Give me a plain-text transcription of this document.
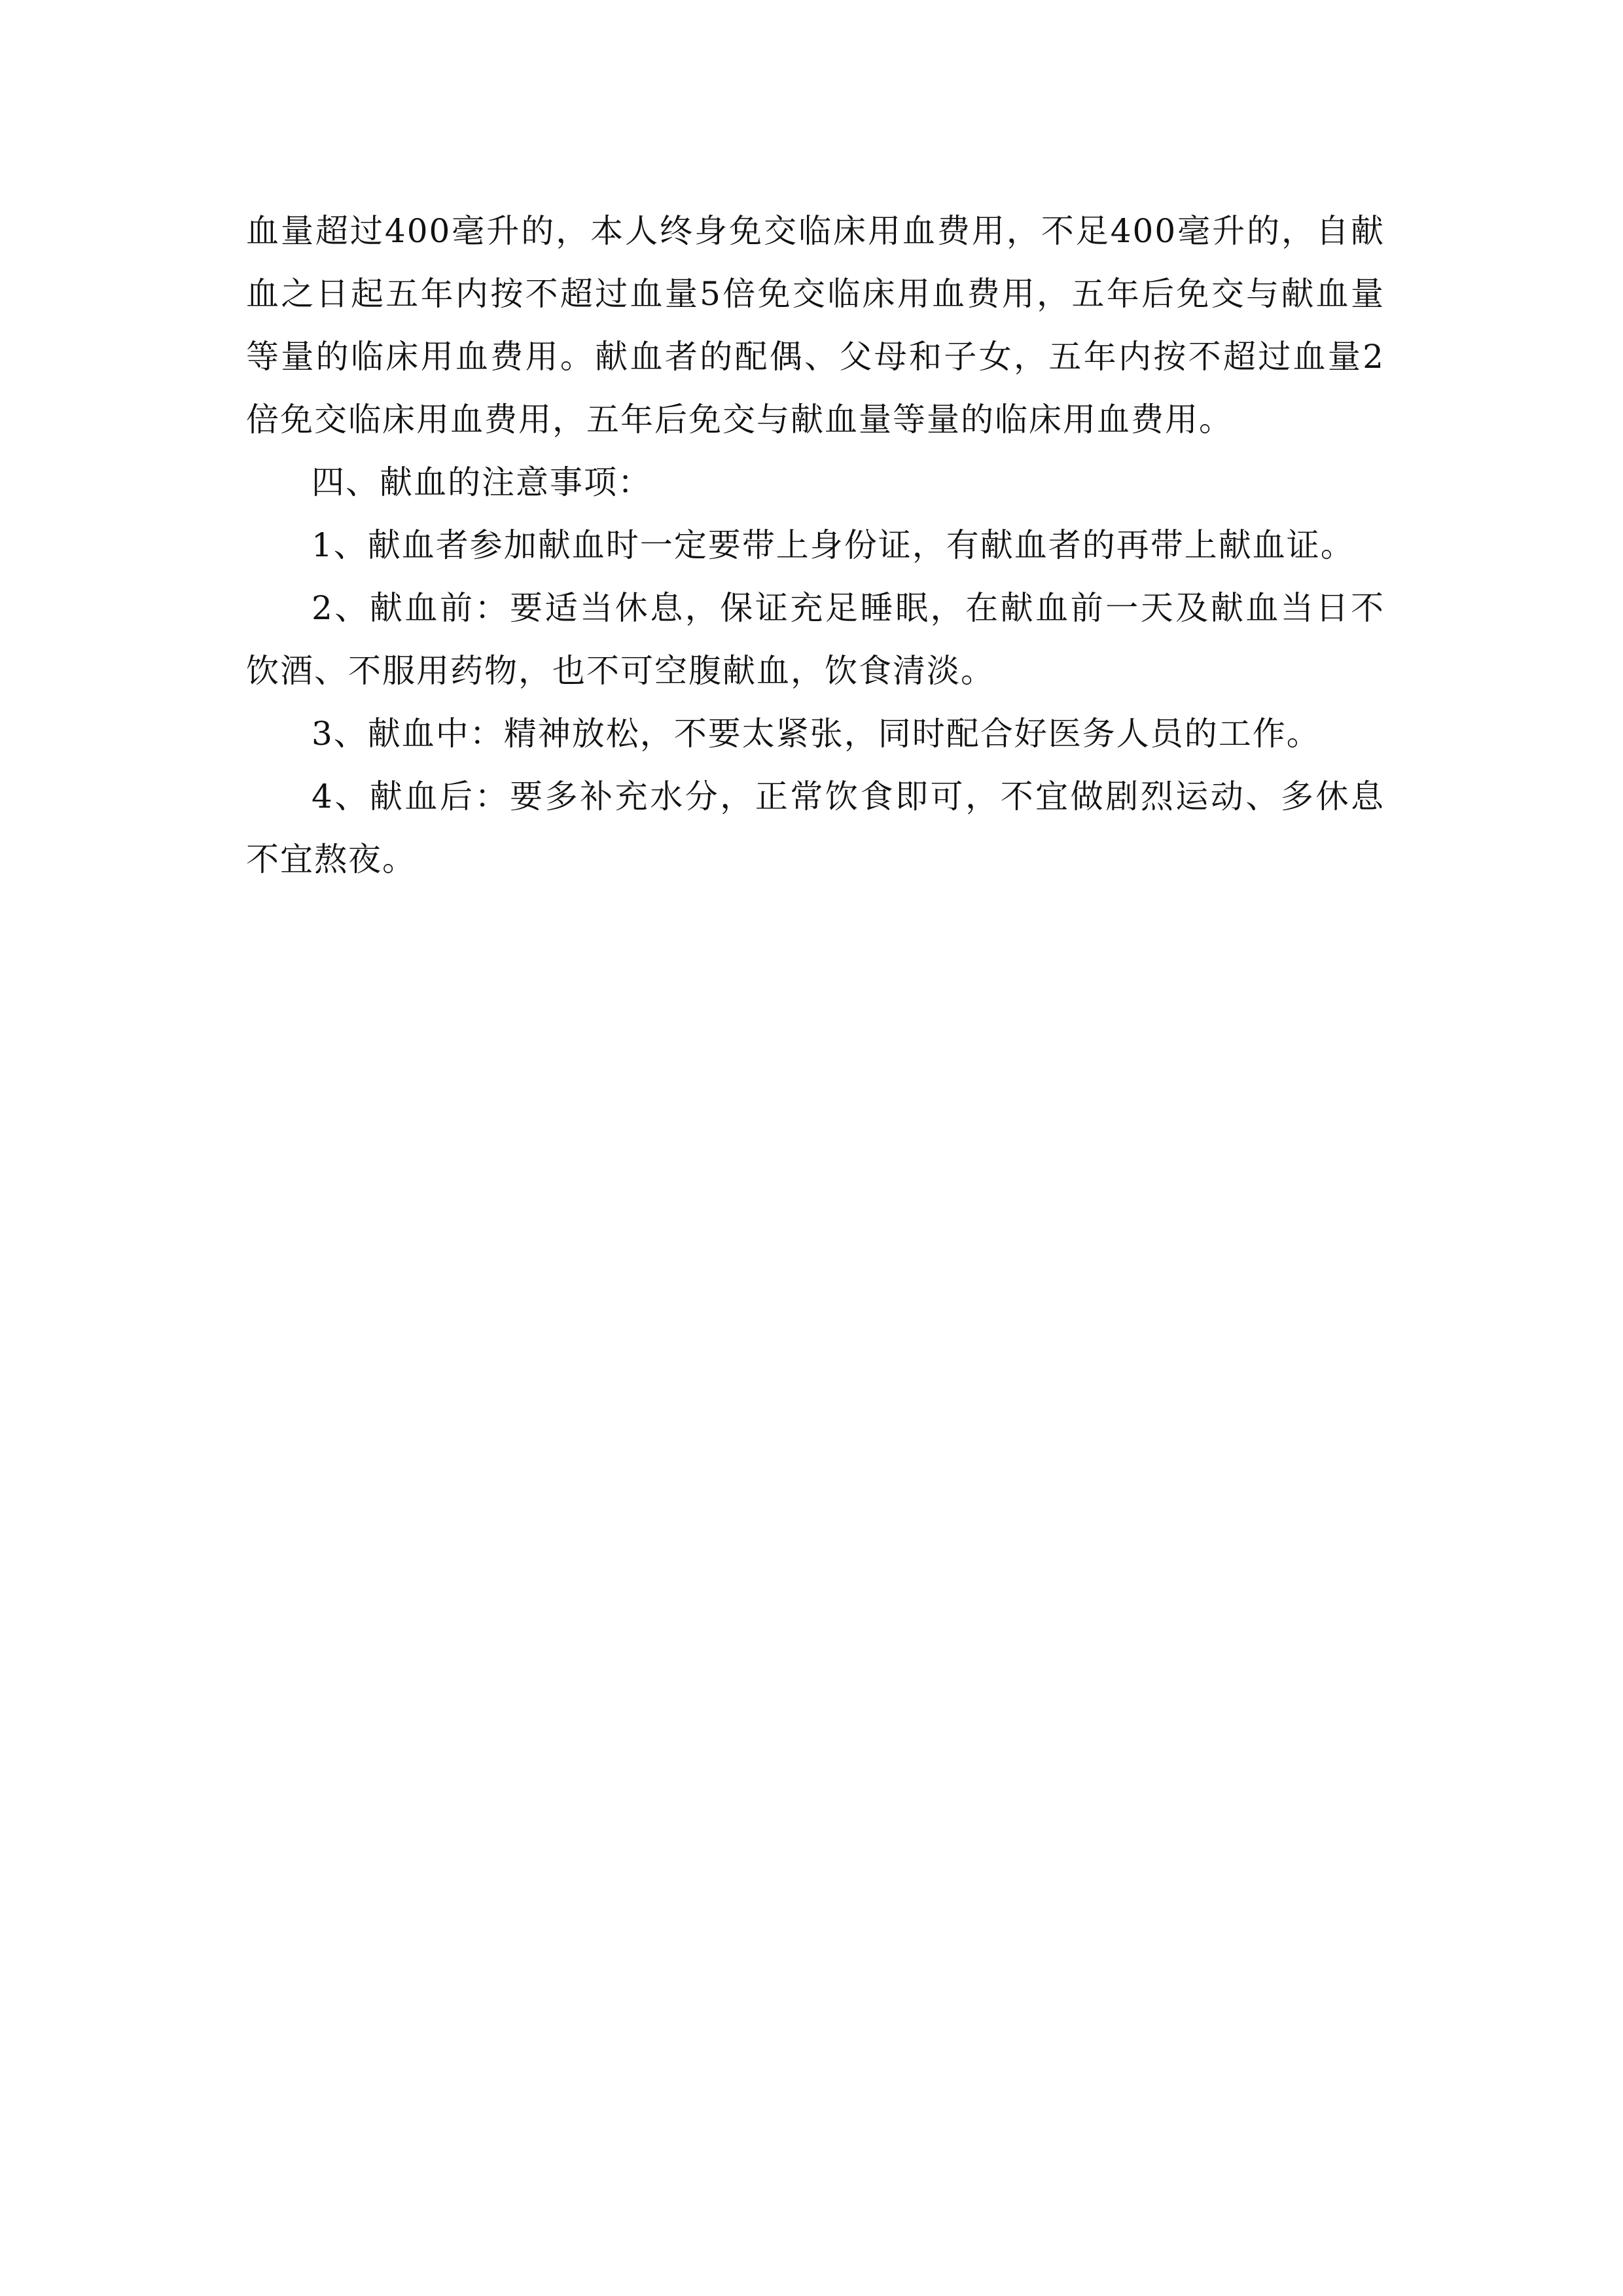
血量超过400毫升的，本人终身免交临床用血费用，不足400毫升的，自献血之日起五年内按不超过血量5倍免交临床用血费用，五年后免交与献血量等量的临床用血费用。献血者的配偶、父母和子女，五年内按不超过血量2倍免交临床用血费用，五年后免交与献血量等量的临床用血费用。

四、献血的注意事项：

1、献血者参加献血时一定要带上身份证，有献血者的再带上献血证。

2、献血前：要适当休息，保证充足睡眠，在献血前一天及献血当日不饮酒、不服用药物，也不可空腹献血，饮食清淡。

3、献血中：精神放松，不要太紧张，同时配合好医务人员的工作。

4、献血后：要多补充水分，正常饮食即可，不宜做剧烈运动、多休息不宜熬夜。
